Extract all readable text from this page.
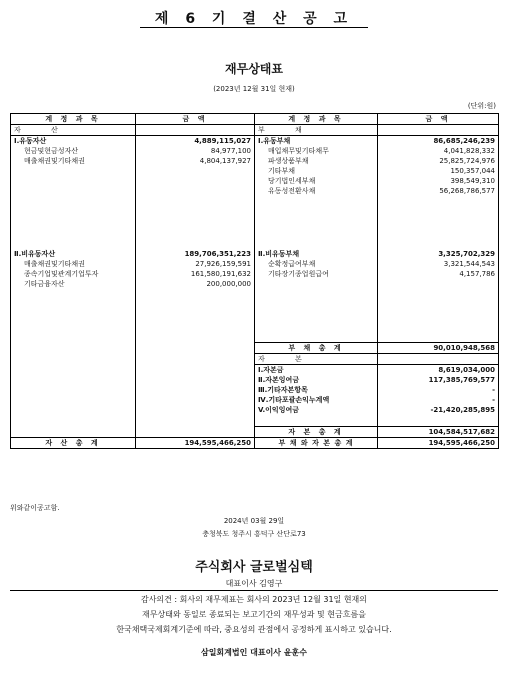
제 6 기 결 산 공 고
재무상태표
(2023년 12월 31일 현재)
(단위:원)
계 정 과 목	금 액	계 정 과 목	금 액
자 산		부 채	
Ⅰ.유동자산	4,889,115,027	Ⅰ.유동부채	86,685,246,239
현금및현금성자산	84,977,100	매입채무및기타채무	4,041,828,332
매출채권및기타채권	4,804,137,927	파생상품부채	25,825,724,976
		기타부채	150,357,044
		당기법인세부채	398,549,310
		유동성전환사채	56,268,786,577

Ⅱ.비유동자산	189,706,351,223	Ⅱ.비유동부채	3,325,702,329
매출채권및기타채권	27,926,159,591	순확정급여부채	3,321,544,543
종속기업및관계기업투자	161,580,191,632	기타장기종업원급여	4,157,786
기타금융자산	200,000,000		

		부 채 총 계	90,010,948,568
		자 본	
		Ⅰ.자본금	8,619,034,000
		Ⅱ.자본잉여금	117,385,769,577
		Ⅲ.기타자본항목	-
		Ⅳ.기타포괄손익누계액	-
		V.이익잉여금	-21,420,285,895

		자 본 총 계	104,584,517,682
자 산 총 계	194,595,466,250	부 채 와 자 본 총 계	194,595,466,250
위와같이공고함.
2024년 03월 29일
충청북도 청주시 흥덕구 산단로73
주식회사 글로벌심텍
대표이사 김영구
감사의견 : 회사의 재무제표는 회사의 2023년 12월 31일 현재의
재무상태와 동일로 종료되는 보고기간의 재무성과 및 현금흐름을
한국채택국제회계기준에 따라, 중요성의 관점에서 공정하게 표시하고 있습니다.
삼일회계법인 대표이사 윤훈수
